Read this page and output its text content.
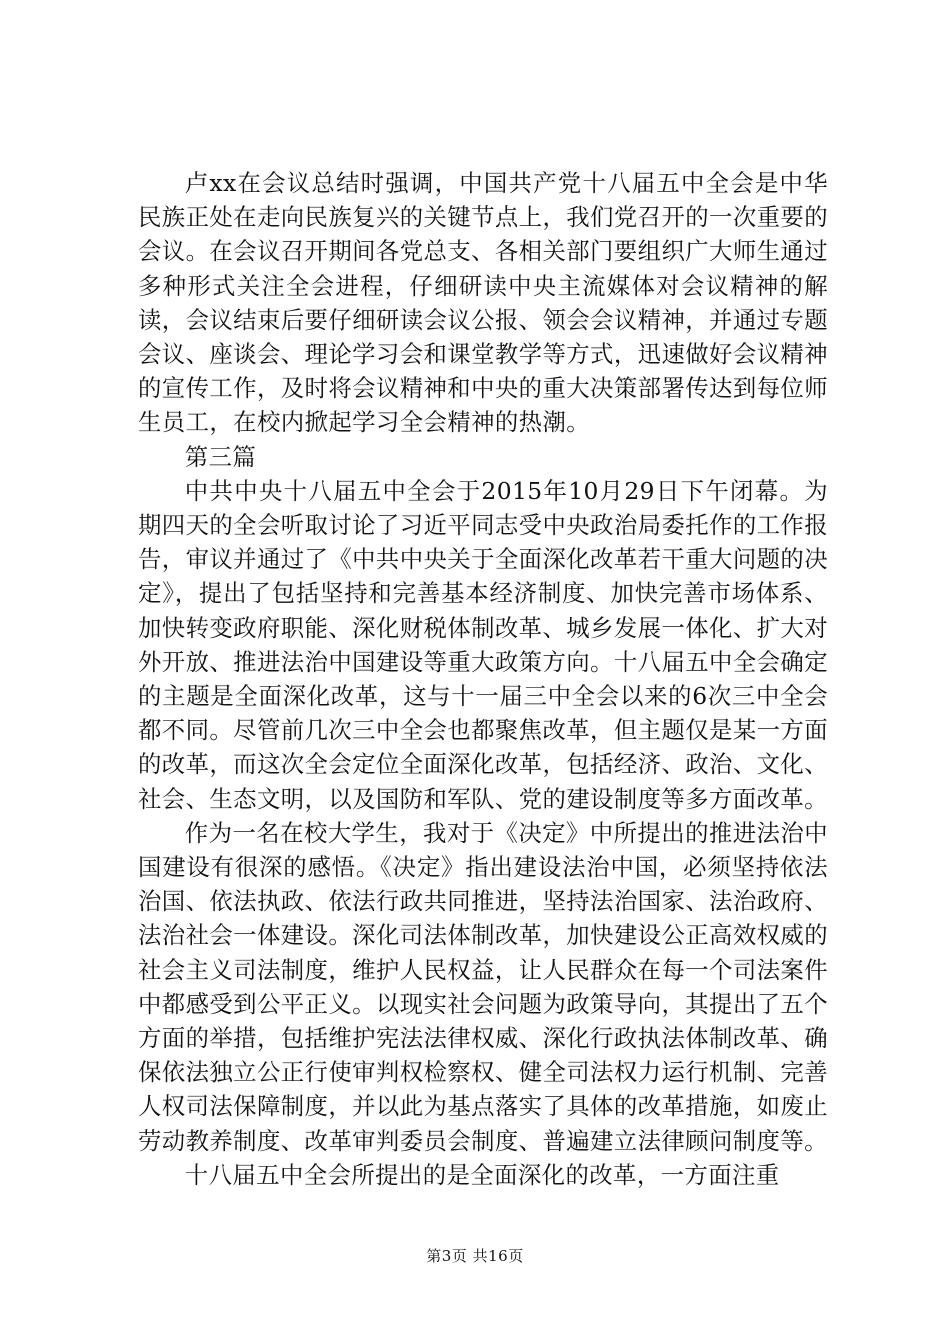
卢xx在会议总结时强调，中国共产党十八届五中全会是中华民族正处在走向民族复兴的关键节点上，我们党召开的一次重要的会议。在会议召开期间各党总支、各相关部门要组织广大师生通过多种形式关注全会进程，仔细研读中央主流媒体对会议精神的解读，会议结束后要仔细研读会议公报、领会会议精神，并通过专题会议、座谈会、理论学习会和课堂教学等方式，迅速做好会议精神的宣传工作，及时将会议精神和中央的重大决策部署传达到每位师生员工，在校内掀起学习全会精神的热潮。

第三篇

中共中央十八届五中全会于2015年10月29日下午闭幕。为期四天的全会听取讨论了习近平同志受中央政治局委托作的工作报告，审议并通过了《中共中央关于全面深化改革若干重大问题的决定》，提出了包括坚持和完善基本经济制度、加快完善市场体系、加快转变政府职能、深化财税体制改革、城乡发展一体化、扩大对外开放、推进法治中国建设等重大政策方向。十八届五中全会确定的主题是全面深化改革，这与十一届三中全会以来的6次三中全会都不同。尽管前几次三中全会也都聚焦改革，但主题仅是某一方面的改革，而这次全会定位全面深化改革，包括经济、政治、文化、社会、生态文明，以及国防和军队、党的建设制度等多方面改革。

作为一名在校大学生，我对于《决定》中所提出的推进法治中国建设有很深的感悟。《决定》指出建设法治中国，必须坚持依法治国、依法执政、依法行政共同推进，坚持法治国家、法治政府、法治社会一体建设。深化司法体制改革，加快建设公正高效权威的社会主义司法制度，维护人民权益，让人民群众在每一个司法案件中都感受到公平正义。以现实社会问题为政策导向，其提出了五个方面的举措，包括维护宪法法律权威、深化行政执法体制改革、确保依法独立公正行使审判权检察权、健全司法权力运行机制、完善人权司法保障制度，并以此为基点落实了具体的改革措施，如废止劳动教养制度、改革审判委员会制度、普遍建立法律顾问制度等。

十八届五中全会所提出的是全面深化的改革，一方面注重

第3页 共16页
